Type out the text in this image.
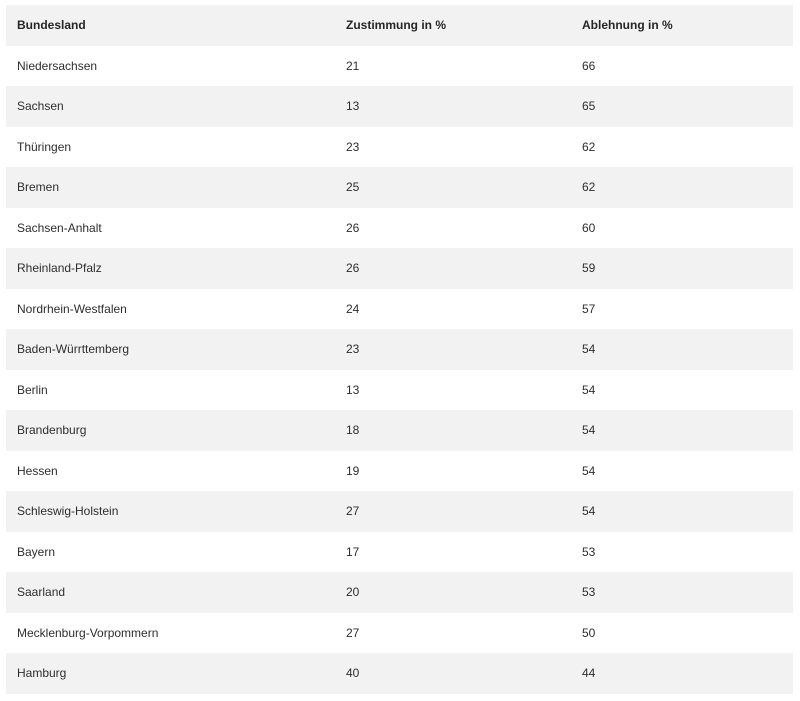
Bundesland	Zustimmung in %	Ablehnung in %
Niedersachsen	21	66
Sachsen	13	65
Thüringen	23	62
Bremen	25	62
Sachsen-Anhalt	26	60
Rheinland-Pfalz	26	59
Nordrhein-Westfalen	24	57
Baden-Würrttemberg	23	54
Berlin	13	54
Brandenburg	18	54
Hessen	19	54
Schleswig-Holstein	27	54
Bayern	17	53
Saarland	20	53
Mecklenburg-Vorpommern	27	50
Hamburg	40	44
